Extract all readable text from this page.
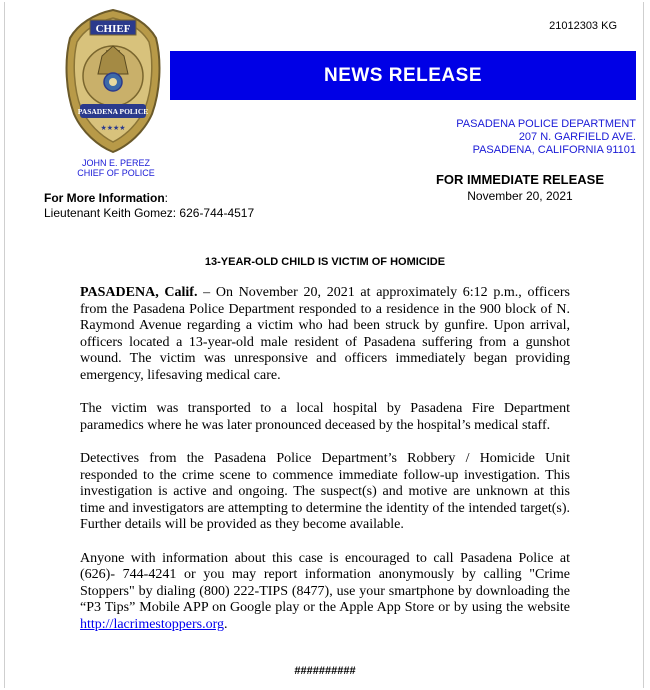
21012303 KG
CHIEF
PASADENA POLICE
★★★★
NEWS RELEASE
PASADENA POLICE DEPARTMENT
207 N. GARFIELD AVE.
PASADENA, CALIFORNIA 91101
JOHN E. PEREZ
CHIEF OF POLICE	FOR IMMEDIATE RELEASE
November 20, 2021
For More Information:
Lieutenant Keith Gomez: 626-744-4517
13-YEAR-OLD CHILD IS VICTIM OF HOMICIDE

PASADENA, Calif. – On November 20, 2021 at approximately 6:12 p.m., officers from the Pasadena Police Department responded to a residence in the 900 block of N. Raymond Avenue regarding a victim who had been struck by gunfire. Upon arrival, officers located a 13-year-old male resident of Pasadena suffering from a gunshot wound. The victim was unresponsive and officers immediately began providing emergency, lifesaving medical care.

The victim was transported to a local hospital by Pasadena Fire Department paramedics where he was later pronounced deceased by the hospital’s medical staff.

Detectives from the Pasadena Police Department’s Robbery / Homicide Unit responded to the crime scene to commence immediate follow-up investigation. This investigation is active and ongoing. The suspect(s) and motive are unknown at this time and investigators are attempting to determine the identity of the intended target(s). Further details will be provided as they become available.

Anyone with information about this case is encouraged to call Pasadena Police at (626)- 744-4241 or you may report information anonymously by calling "Crime Stoppers" by dialing (800) 222-TIPS (8477), use your smartphone by downloading the “P3 Tips” Mobile APP on Google play or the Apple App Store or by using the website http://lacrimestoppers.org.

##########
